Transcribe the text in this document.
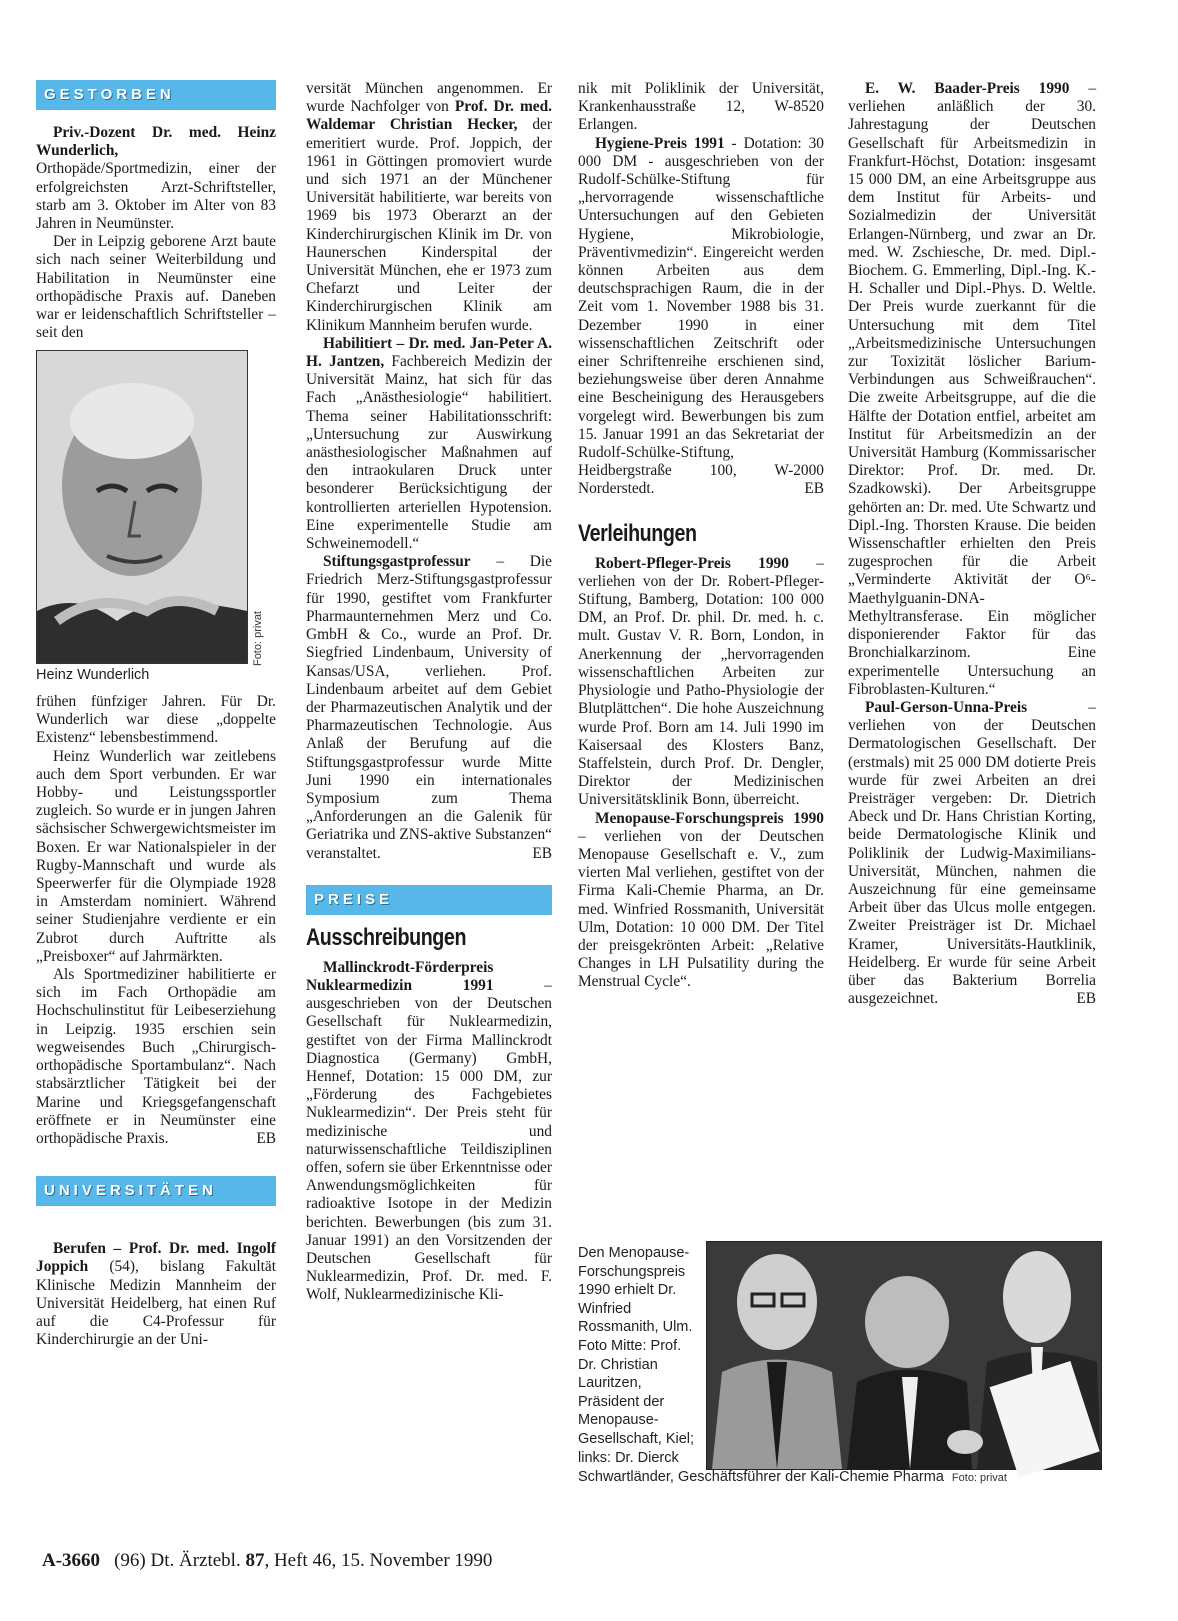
GESTORBEN

Priv.-Dozent Dr. med. Heinz Wunderlich, Orthopäde/Sportmedizin, einer der erfolgreichsten Arzt-Schriftsteller, starb am 3. Oktober im Alter von 83 Jahren in Neumünster.

Der in Leipzig geborene Arzt baute sich nach seiner Weiterbildung und Habilitation in Neumünster eine orthopädische Praxis auf. Daneben war er leidenschaftlich Schriftsteller – seit den

Foto: privat
Heinz Wunderlich

frühen fünfziger Jahren. Für Dr. Wunderlich war diese „doppelte Existenz“ lebensbestimmend.

Heinz Wunderlich war zeitlebens auch dem Sport verbunden. Er war Hobby- und Leistungssportler zugleich. So wurde er in jungen Jahren sächsischer Schwergewichtsmeister im Boxen. Er war Nationalspieler in der Rugby-Mannschaft und wurde als Speerwerfer für die Olympiade 1928 in Amsterdam nominiert. Während seiner Studienjahre verdiente er ein Zubrot durch Auftritte als „Preisboxer“ auf Jahrmärkten.

Als Sportmediziner habilitierte er sich im Fach Orthopädie am Hochschulinstitut für Leibeserziehung in Leipzig. 1935 erschien sein wegweisendes Buch „Chirurgisch-orthopädische Sportambulanz“. Nach stabsärztlicher Tätigkeit bei der Marine und Kriegsgefangenschaft eröffnete er in Neumünster eine orthopädische Praxis.	EB

UNIVERSITÄTEN

Berufen – Prof. Dr. med. Ingolf Joppich (54), bislang Fakultät Klinische Medizin Mannheim der Universität Heidelberg, hat einen Ruf auf die C4-Professur für Kinderchirurgie an der Uni-

versität München angenommen. Er wurde Nachfolger von Prof. Dr. med. Waldemar Christian Hecker, der emeritiert wurde. Prof. Joppich, der 1961 in Göttingen promoviert wurde und sich 1971 an der Münchener Universität habilitierte, war bereits von 1969 bis 1973 Oberarzt an der Kinderchirurgischen Klinik im Dr. von Haunerschen Kinderspital der Universität München, ehe er 1973 zum Chefarzt und Leiter der Kinderchirurgischen Klinik am Klinikum Mannheim berufen wurde.

Habilitiert – Dr. med. Jan-Peter A. H. Jantzen, Fachbereich Medizin der Universität Mainz, hat sich für das Fach „Anästhesiologie“ habilitiert. Thema seiner Habilitationsschrift: „Untersuchung zur Auswirkung anästhesiologischer Maßnahmen auf den intraokularen Druck unter besonderer Berücksichtigung der kontrollierten arteriellen Hypotension. Eine experimentelle Studie am Schweinemodell.“

Stiftungsgastprofessur – Die Friedrich Merz-Stiftungsgastprofessur für 1990, gestiftet vom Frankfurter Pharmaunternehmen Merz und Co. GmbH & Co., wurde an Prof. Dr. Siegfried Lindenbaum, University of Kansas/USA, verliehen. Prof. Lindenbaum arbeitet auf dem Gebiet der Pharmazeutischen Analytik und der Pharmazeutischen Technologie. Aus Anlaß der Berufung auf die Stiftungsgastprofessur wurde Mitte Juni 1990 ein internationales Symposium zum Thema „Anforderungen an die Galenik für Geriatrika und ZNS-aktive Substanzen“ veranstaltet.	EB

PREISE
Ausschreibungen

Mallinckrodt-Förderpreis Nuklearmedizin 1991 – ausgeschrieben von der Deutschen Gesellschaft für Nuklearmedizin, gestiftet von der Firma Mallinckrodt Diagnostica (Germany) GmbH, Hennef, Dotation: 15 000 DM, zur „Förderung des Fachgebietes Nuklearmedizin“. Der Preis steht für medizinische und naturwissenschaftliche Teildisziplinen offen, sofern sie über Erkenntnisse oder Anwendungsmöglichkeiten für radioaktive Isotope in der Medizin berichten. Bewerbungen (bis zum 31. Januar 1991) an den Vorsitzenden der Deutschen Gesellschaft für Nuklearmedizin, Prof. Dr. med. F. Wolf, Nuklearmedizinische Kli-

nik mit Poliklinik der Universität, Krankenhausstraße 12, W-8520 Erlangen.

Hygiene-Preis 1991 - Dotation: 30 000 DM - ausgeschrieben von der Rudolf-Schülke-Stiftung für „hervorragende wissenschaftliche Untersuchungen auf den Gebieten Hygiene, Mikrobiologie, Präventivmedizin“. Eingereicht werden können Arbeiten aus dem deutschsprachigen Raum, die in der Zeit vom 1. November 1988 bis 31. Dezember 1990 in einer wissenschaftlichen Zeitschrift oder einer Schriftenreihe erschienen sind, beziehungsweise über deren Annahme eine Bescheinigung des Herausgebers vorgelegt wird. Bewerbungen bis zum 15. Januar 1991 an das Sekretariat der Rudolf-Schülke-Stiftung, Heidbergstraße 100, W-2000 Norderstedt.	EB

Verleihungen

Robert-Pfleger-Preis 1990 – verliehen von der Dr. Robert-Pfleger-Stiftung, Bamberg, Dotation: 100 000 DM, an Prof. Dr. phil. Dr. med. h. c. mult. Gustav V. R. Born, London, in Anerkennung der „hervorragenden wissenschaftlichen Arbeiten zur Physiologie und Patho-Physiologie der Blutplättchen“. Die hohe Auszeichnung wurde Prof. Born am 14. Juli 1990 im Kaisersaal des Klosters Banz, Staffelstein, durch Prof. Dr. Dengler, Direktor der Medizinischen Universitätsklinik Bonn, überreicht.

Menopause-Forschungspreis 1990 – verliehen von der Deutschen Menopause Gesellschaft e. V., zum vierten Mal verliehen, gestiftet von der Firma Kali-Chemie Pharma, an Dr. med. Winfried Rossmanith, Universität Ulm, Dotation: 10 000 DM. Der Titel der preisgekrönten Arbeit: „Relative Changes in LH Pulsatility during the Menstrual Cycle“.

E. W. Baader-Preis 1990 – verliehen anläßlich der 30. Jahrestagung der Deutschen Gesellschaft für Arbeitsmedizin in Frankfurt-Höchst, Dotation: insgesamt 15 000 DM, an eine Arbeitsgruppe aus dem Institut für Arbeits- und Sozialmedizin der Universität Erlangen-Nürnberg, und zwar an Dr. med. W. Zschiesche, Dr. med. Dipl.-Biochem. G. Emmerling, Dipl.-Ing. K.-H. Schaller und Dipl.-Phys. D. Weltle. Der Preis wurde zuerkannt für die Untersuchung mit dem Titel „Arbeitsmedizinische Untersuchungen zur Toxizität löslicher Barium-Verbindungen aus Schweißrauchen“. Die zweite Arbeitsgruppe, auf die die Hälfte der Dotation entfiel, arbeitet am Institut für Arbeitsmedizin an der Universität Hamburg (Kommissarischer Direktor: Prof. Dr. med. Dr. Szadkowski). Der Arbeitsgruppe gehörten an: Dr. med. Ute Schwartz und Dipl.-Ing. Thorsten Krause. Die beiden Wissenschaftler erhielten den Preis zugesprochen für die Arbeit „Verminderte Aktivität der O⁶-Maethylguanin-DNA-Methyltransferase. Ein möglicher disponierender Faktor für das Bronchialkarzinom. Eine experimentelle Untersuchung an Fibroblasten-Kulturen.“

Paul-Gerson-Unna-Preis – verliehen von der Deutschen Dermatologischen Gesellschaft. Der (erstmals) mit 25 000 DM dotierte Preis wurde für zwei Arbeiten an drei Preisträger vergeben: Dr. Dietrich Abeck und Dr. Hans Christian Korting, beide Dermatologische Klinik und Poliklinik der Ludwig-Maximilians-Universität, München, nahmen die Auszeichnung für eine gemeinsame Arbeit über das Ulcus molle entgegen. Zweiter Preisträger ist Dr. Michael Kramer, Universitäts-Hautklinik, Heidelberg. Er wurde für seine Arbeit über das Bakterium Borrelia ausgezeichnet.	EB

Den Menopause-Forschungspreis 1990 erhielt Dr. Winfried Rossmanith, Ulm. Foto Mitte: Prof. Dr. Christian Lauritzen, Präsident der Menopause-Gesellschaft, Kiel; links: Dr. Dierck
Schwartländer, Geschäftsführer der Kali-Chemie Pharma Foto: privat
A-3660 (96) Dt. Ärztebl. 87, Heft 46, 15. November 1990
